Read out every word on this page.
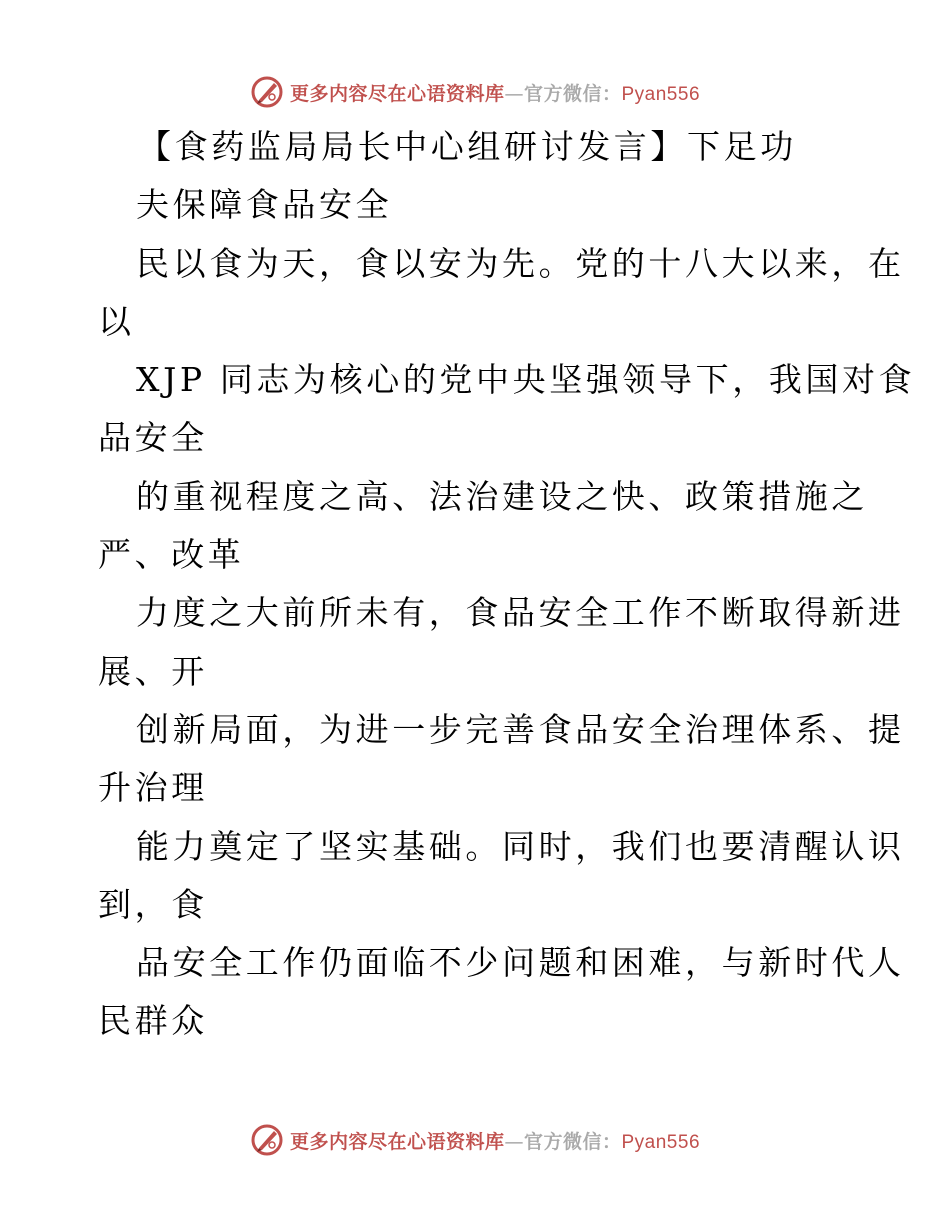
更多内容尽在心语资料库—官方微信：Pyan556
【食药监局局长中心组研讨发言】下足功
夫保障食品安全
民以食为天，食以安为先。党的十八大以来，在
以
XJP 同志为核心的党中央坚强领导下，我国对食
品安全
的重视程度之高、法治建设之快、政策措施之
严、改革
力度之大前所未有，食品安全工作不断取得新进
展、开
创新局面，为进一步完善食品安全治理体系、提
升治理
能力奠定了坚实基础。同时，我们也要清醒认识
到，食
品安全工作仍面临不少问题和困难，与新时代人
民群众
更多内容尽在心语资料库—官方微信：Pyan556
